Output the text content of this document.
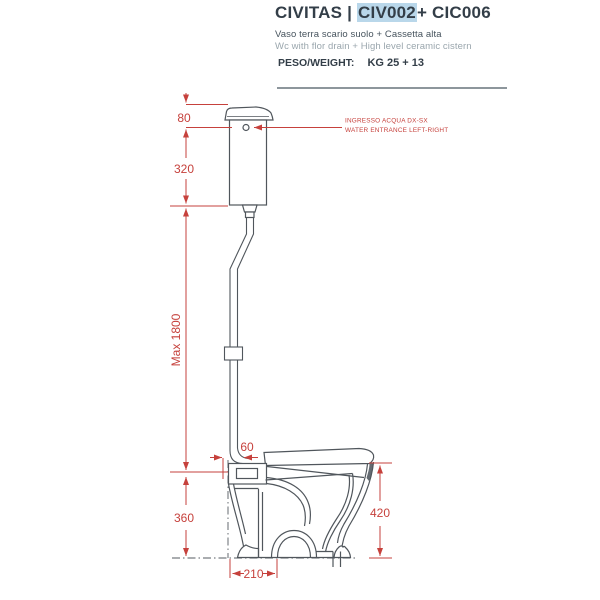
CIVITAS | CIV002+ CIC006
Vaso terra scario suolo + Cassetta alta
Wc with flor drain + High level ceramic cistern
PESO/WEIGHT: KG 25 + 13
80
320
Max 1800
60
360	420
210
INGRESSO ACQUA DX-SX
WATER ENTRANCE LEFT-RIGHT
